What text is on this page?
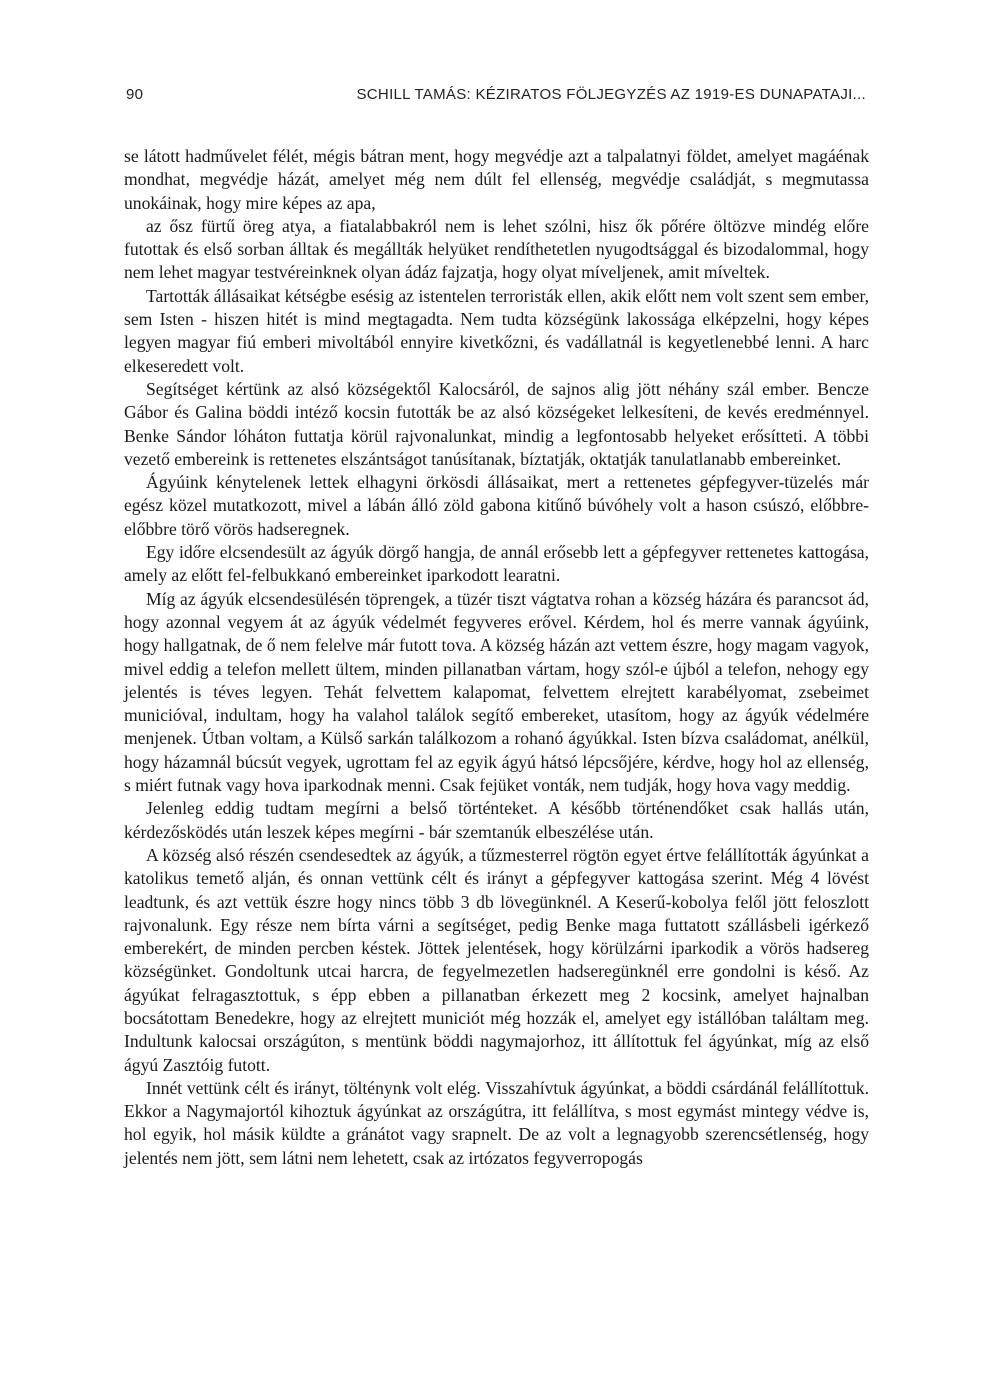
90	SCHILL TAMÁS: KÉZIRATOS FÖLJEGYZÉS AZ 1919-ES DUNAPATAJI...

se látott hadművelet félét, mégis bátran ment, hogy megvédje azt a talpalatnyi földet, amelyet magáénak mondhat, megvédje házát, amelyet még nem dúlt fel ellenség, megvédje családját, s megmutassa unokáinak, hogy mire képes az apa,

az ősz fürtű öreg atya, a fiatalabbakról nem is lehet szólni, hisz ők pőrére öltözve mindég előre futottak és első sorban álltak és megállták helyüket rendíthetetlen nyugodtsággal és bizodalommal, hogy nem lehet magyar testvéreinknek olyan ádáz fajzatja, hogy olyat míveljenek, amit míveltek.

Tartották állásaikat kétségbe esésig az istentelen terroristák ellen, akik előtt nem volt szent sem ember, sem Isten - hiszen hitét is mind megtagadta. Nem tudta községünk lakossága elképzelni, hogy képes legyen magyar fiú emberi mivoltából ennyire kivetkőzni, és vadállatnál is kegyetlenebbé lenni. A harc elkeseredett volt.

Segítséget kértünk az alsó községektől Kalocsáról, de sajnos alig jött néhány szál ember. Bencze Gábor és Galina böddi intéző kocsin futották be az alsó községeket lelkesíteni, de kevés eredménnyel. Benke Sándor lóháton futtatja körül rajvonalunkat, mindig a legfontosabb helyeket erősítteti. A többi vezető embereink is rettenetes elszántságot tanúsítanak, bíztatják, oktatják tanulatlanabb embereinket.

Ágyúink kénytelenek lettek elhagyni örkösdi állásaikat, mert a rettenetes gépfegyver-tüzelés már egész közel mutatkozott, mivel a lábán álló zöld gabona kitűnő búvóhely volt a hason csúszó, előbbre-előbbre törő vörös hadseregnek.

Egy időre elcsendesült az ágyúk dörgő hangja, de annál erősebb lett a gépfegyver rettenetes kattogása, amely az előtt fel-felbukkanó embereinket iparkodott learatni.

Míg az ágyúk elcsendesülésén töprengek, a tüzér tiszt vágtatva rohan a község házára és parancsot ád, hogy azonnal vegyem át az ágyúk védelmét fegyveres erővel. Kérdem, hol és merre vannak ágyúink, hogy hallgatnak, de ő nem felelve már futott tova. A község házán azt vettem észre, hogy magam vagyok, mivel eddig a telefon mellett ültem, minden pillanatban vártam, hogy szól-e újból a telefon, nehogy egy jelentés is téves legyen. Tehát felvettem kalapomat, felvettem elrejtett karabélyomat, zsebeimet municióval, indultam, hogy ha valahol találok segítő embereket, utasítom, hogy az ágyúk védelmére menjenek. Útban voltam, a Külső sarkán találkozom a rohanó ágyúkkal. Isten bízva családomat, anélkül, hogy házamnál búcsút vegyek, ugrottam fel az egyik ágyú hátsó lépcsőjére, kérdve, hogy hol az ellenség, s miért futnak vagy hova iparkodnak menni. Csak fejüket vonták, nem tudják, hogy hova vagy meddig.

Jelenleg eddig tudtam megírni a belső történteket. A később történendőket csak hallás után, kérdezősködés után leszek képes megírni - bár szemtanúk elbeszélése után.

A község alsó részén csendesedtek az ágyúk, a tűzmesterrel rögtön egyet értve felállították ágyúnkat a katolikus temető alján, és onnan vettünk célt és irányt a gépfegyver kattogása szerint. Még 4 lövést leadtunk, és azt vettük észre hogy nincs több 3 db lövegünknél. A Keserű-kobolya felől jött feloszlott rajvonalunk. Egy része nem bírta várni a segítséget, pedig Benke maga futtatott szállásbeli igérkező emberekért, de minden percben késtek. Jöttek jelentések, hogy körülzárni iparkodik a vörös hadsereg községünket. Gondoltunk utcai harcra, de fegyelmezetlen hadseregünknél erre gondolni is késő. Az ágyúkat felragasztottuk, s épp ebben a pillanatban érkezett meg 2 kocsink, amelyet hajnalban bocsátottam Benedekre, hogy az elrejtett municiót még hozzák el, amelyet egy istállóban találtam meg. Indultunk kalocsai országúton, s mentünk böddi nagymajorhoz, itt állítottuk fel ágyúnkat, míg az első ágyú Zasztóig futott.

Innét vettünk célt és irányt, tölténynk volt elég. Visszahívtuk ágyúnkat, a böddi csárdánál felállítottuk. Ekkor a Nagymajortól kihoztuk ágyúnkat az országútra, itt felállítva, s most egymást mintegy védve is, hol egyik, hol másik küldte a gránátot vagy srapnelt. De az volt a legnagyobb szerencsétlenség, hogy jelentés nem jött, sem látni nem lehetett, csak az irtózatos fegyverropogás
